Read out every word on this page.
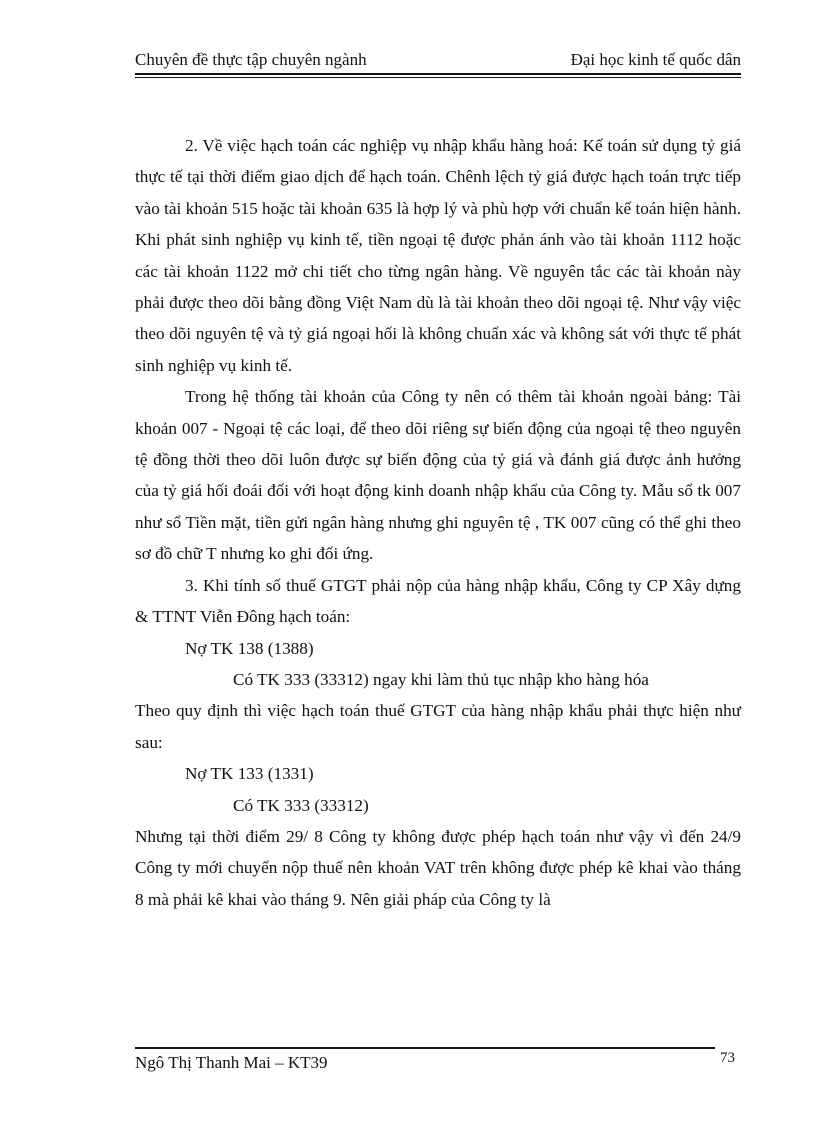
Chuyên đề thực tập chuyên ngành	Đại học kinh tế quốc dân

2. Về việc hạch toán các nghiệp vụ nhập khẩu hàng hoá: Kế toán sử dụng tỷ giá thực tế tại thời điểm giao dịch để hạch toán. Chênh lệch tỷ giá được hạch toán trực tiếp vào tài khoản 515 hoặc tài khoản 635 là hợp lý và phù hợp với chuẩn kế toán hiện hành. Khi phát sinh nghiệp vụ kinh tế, tiền ngoại tệ được phản ánh vào tài khoản 1112 hoặc các tài khoản 1122 mở chi tiết cho từng ngân hàng. Về nguyên tắc các tài khoản này phải được theo dõi bằng đồng Việt Nam dù là tài khoản theo dõi ngoại tệ. Như vậy việc theo dõi nguyên tệ và tỷ giá ngoại hối là không chuẩn xác và không sát với thực tế phát sinh nghiệp vụ kinh tế.

Trong hệ thống tài khoản của Công ty nên có thêm tài khoản ngoài bảng: Tài khoản 007 - Ngoại tệ các loại, để theo dõi riêng sự biến động của ngoại tệ theo nguyên tệ đồng thời theo dõi luôn được sự biến động của tỷ giá và đánh giá được ảnh hưởng của tỷ giá hối đoái đối với hoạt động kinh doanh nhập khẩu của Công ty. Mẫu sổ tk 007 như sổ Tiền mặt, tiền gửi ngân hàng nhưng ghi nguyên tệ , TK 007 cũng có thể ghi theo sơ đồ chữ T nhưng ko ghi đối ứng.

3. Khi tính số thuế GTGT phải nộp của hàng nhập khẩu, Công ty CP Xây dựng & TTNT Viễn Đông hạch toán:

Nợ TK 138 (1388)

Có TK 333 (33312) ngay khi làm thủ tục nhập kho hàng hóa

Theo quy định thì việc hạch toán thuế GTGT của hàng nhập khẩu phải thực hiện như sau:

Nợ TK 133 (1331)

Có TK 333 (33312)

Nhưng tại thời điểm 29/ 8 Công ty không được phép hạch toán như vậy vì đến 24/9 Công ty mới chuyển nộp thuế nên khoản VAT trên không được phép kê khai vào tháng 8 mà phải kê khai vào tháng 9. Nên giải pháp của Công ty là

Ngô Thị Thanh Mai – KT39	73
